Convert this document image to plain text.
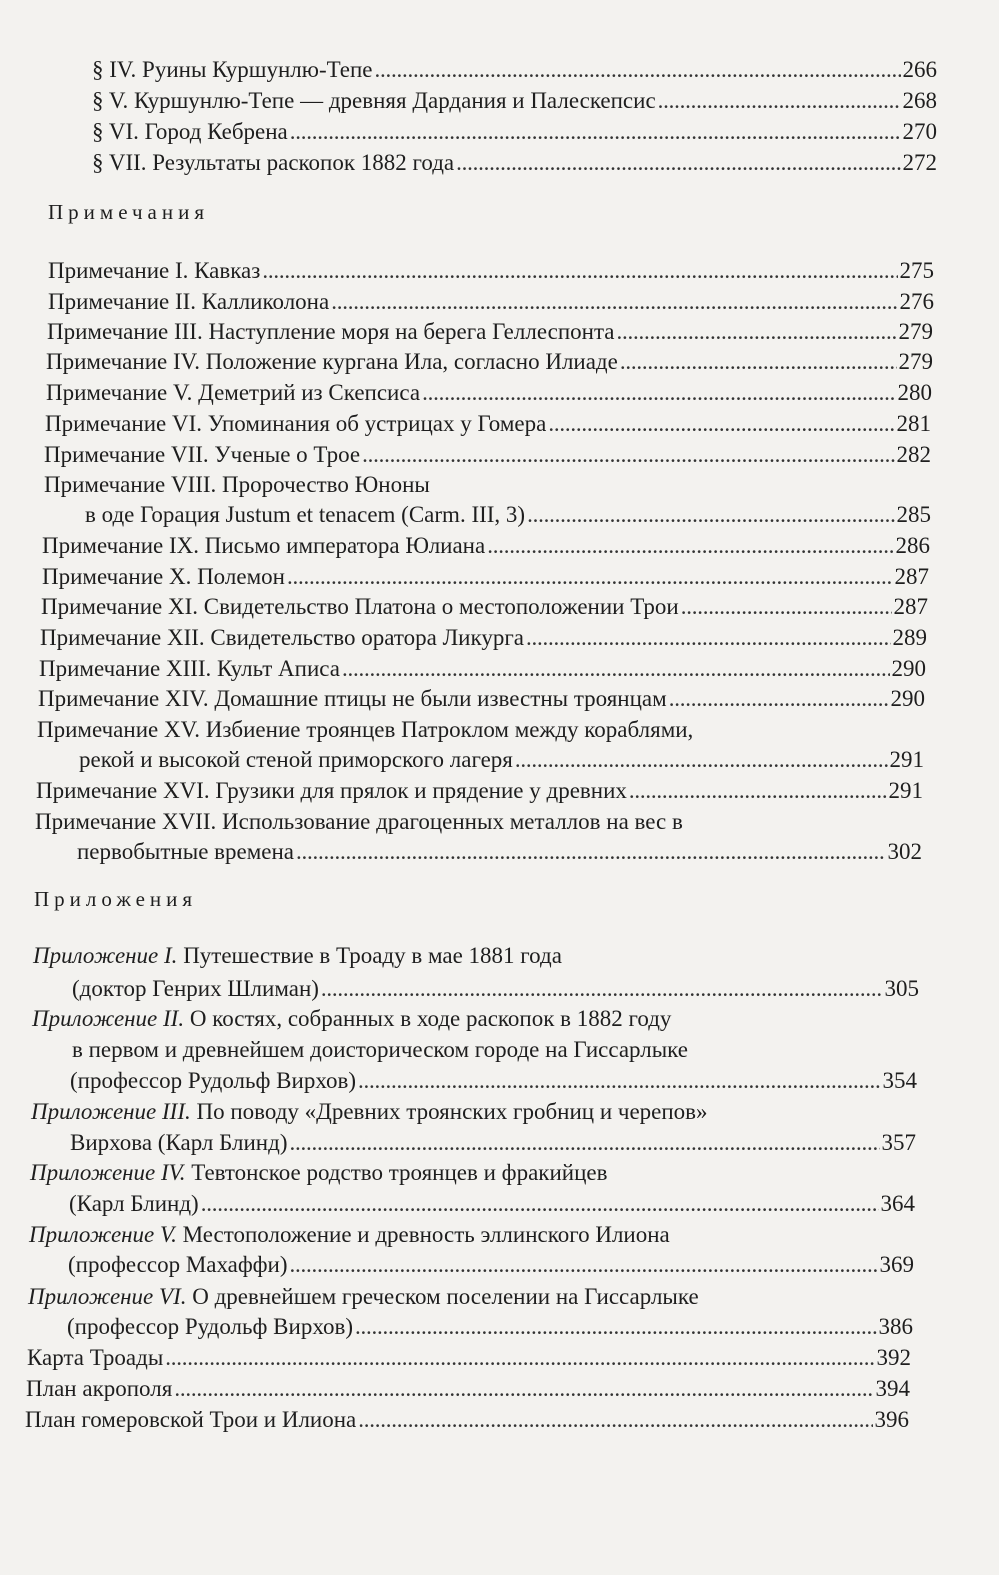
§ IV. Руины Куршунлю-Тепе . . .	266
§ V. Куршунлю-Тепе — древняя Дардания и Палескепсис . . .	268
§ VI. Город Кебрена . . .	270
§ VII. Результаты раскопок 1882 года . . .	272
Примечания
Примечание I. Кавказ . . .	275
Примечание II. Калликолона . . .	276
Примечание III. Наступление моря на берега Геллеспонта . . .	279
Примечание IV. Положение кургана Ила, согласно Илиаде . . .	279
Примечание V. Деметрий из Скепсиса . . .	280
Примечание VI. Упоминания об устрицах у Гомера . . .	281
Примечание VII. Ученые о Трое . . .	282
Примечание VIII. Пророчество Юноны
в оде Горация Justum et tenacem (Carm. III, 3) . . .	285
Примечание IX. Письмо императора Юлиана . . .	286
Примечание X. Полемон . . .	287
Примечание XI. Свидетельство Платона о местоположении Трои . . .	287
Примечание XII. Свидетельство оратора Ликурга . . .	289
Примечание XIII. Культ Аписа . . .	290
Примечание XIV. Домашние птицы не были известны троянцам . . .	290
Примечание XV. Избиение троянцев Патроклом между кораблями,
рекой и высокой стеной приморского лагеря . . .	291
Примечание XVI. Грузики для прялок и прядение у древних . . .	291
Примечание XVII. Использование драгоценных металлов на вес в
первобытные времена . . .	302
Приложения
Приложение I. Путешествие в Троаду в мае 1881 года
(доктор Генрих Шлиман) . . .	305
Приложение II. О костях, собранных в ходе раскопок в 1882 году
в первом и древнейшем доисторическом городе на Гиссарлыке
(профессор Рудольф Вирхов) . . .	354
Приложение III. По поводу «Древних троянских гробниц и черепов»
Вирхова (Карл Блинд) . . .	357
Приложение IV. Тевтонское родство троянцев и фракийцев
(Карл Блинд) . . .	364
Приложение V. Местоположение и древность эллинского Илиона
(профессор Махаффи) . . .	369
Приложение VI. О древнейшем греческом поселении на Гиссарлыке
(профессор Рудольф Вирхов) . . .	386
Карта Троады . . .	392
План акрополя . . .	394
План гомеровской Трои и Илиона . . .	396
